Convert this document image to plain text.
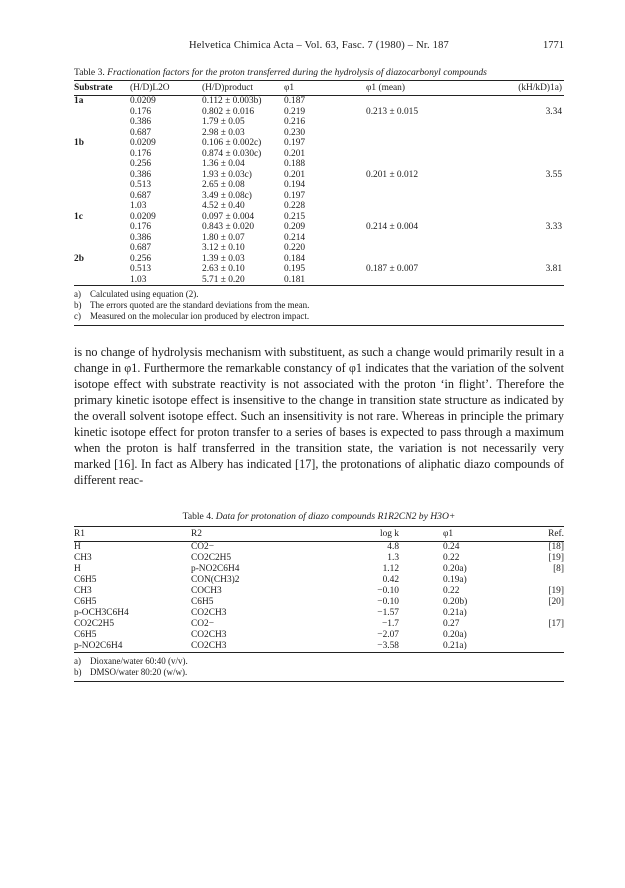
Helvetica Chimica Acta – Vol. 63, Fasc. 7 (1980) – Nr. 187	1771
Table 3. Fractionation factors for the proton transferred during the hydrolysis of diazocarbonyl compounds
Substrate	(H/D)L2O	(H/D)product	φ1	φ1 (mean)	(kH/kD)1a)
1a	0.0209	0.112 ± 0.003b)	0.187		
	0.176	0.802 ± 0.016	0.219	0.213 ± 0.015	3.34
	0.386	1.79 ± 0.05	0.216		
	0.687	2.98 ± 0.03	0.230		
1b	0.0209	0.106 ± 0.002c)	0.197		
	0.176	0.874 ± 0.030c)	0.201		
	0.256	1.36 ± 0.04	0.188		
	0.386	1.93 ± 0.03c)	0.201	0.201 ± 0.012	3.55
	0.513	2.65 ± 0.08	0.194		
	0.687	3.49 ± 0.08c)	0.197		
	1.03	4.52 ± 0.40	0.228		
1c	0.0209	0.097 ± 0.004	0.215		
	0.176	0.843 ± 0.020	0.209	0.214 ± 0.004	3.33
	0.386	1.80 ± 0.07	0.214		
	0.687	3.12 ± 0.10	0.220		
2b	0.256	1.39 ± 0.03	0.184		
	0.513	2.63 ± 0.10	0.195	0.187 ± 0.007	3.81
	1.03	5.71 ± 0.20	0.181		
a) Calculated using equation (2).
b) The errors quoted are the standard deviations from the mean.
c) Measured on the molecular ion produced by electron impact.

is no change of hydrolysis mechanism with substituent, as such a change would primarily result in a change in φ1. Furthermore the remarkable constancy of φ1 indicates that the variation of the solvent isotope effect with substrate reactivity is not associated with the proton ‘in flight’. Therefore the primary kinetic isotope effect is insensitive to the change in transition state structure as indicated by the overall solvent isotope effect. Such an insensitivity is not rare. Whereas in principle the primary kinetic isotope effect for proton transfer to a series of bases is expected to pass through a maximum when the proton is half transferred in the transition state, the variation is not necessarily very marked [16]. In fact as Albery has indicated [17], the protonations of aliphatic diazo compounds of different reac-

Table 4. Data for protonation of diazo compounds R1R2CN2 by H3O+
R1	R2	log k	φ1	Ref.
H	CO2−	4.8	0.24	[18]
CH3	CO2C2H5	1.3	0.22	[19]
H	p-NO2C6H4	1.12	0.20a)	[8]
C6H5	CON(CH3)2	0.42	0.19a)	
CH3	COCH3	−0.10	0.22	[19]
C6H5	C6H5	−0.10	0.20b)	[20]
p-OCH3C6H4	CO2CH3	−1.57	0.21a)	
CO2C2H5	CO2−	−1.7	0.27	[17]
C6H5	CO2CH3	−2.07	0.20a)	
p-NO2C6H4	CO2CH3	−3.58	0.21a)	
a) Dioxane/water 60:40 (v/v).
b) DMSO/water 80:20 (w/w).
